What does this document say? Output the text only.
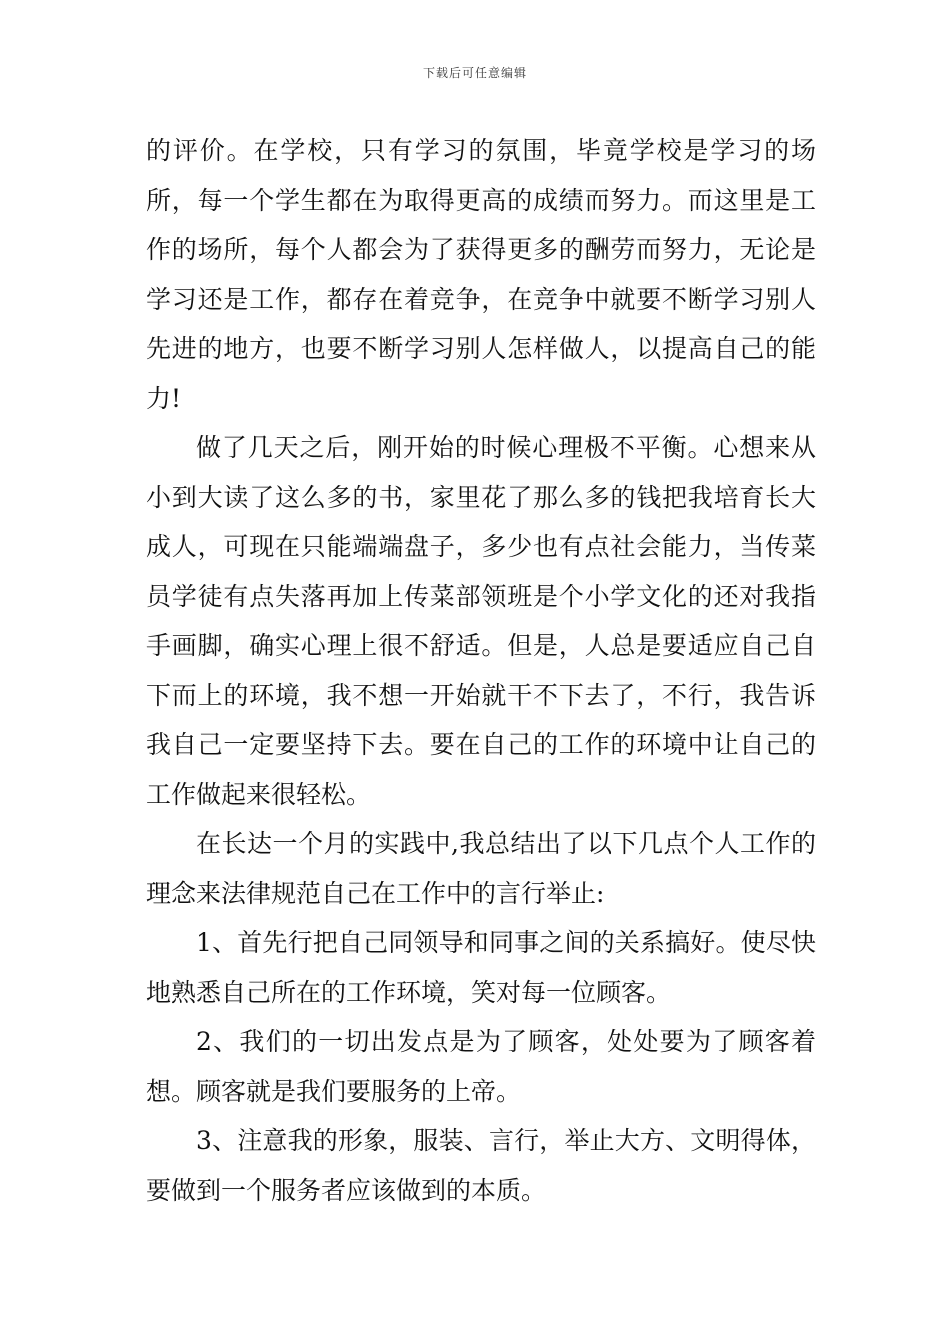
下载后可任意编辑

的评价。在学校，只有学习的氛围，毕竟学校是学习的场所，每一个学生都在为取得更高的成绩而努力。而这里是工作的场所，每个人都会为了获得更多的酬劳而努力，无论是学习还是工作，都存在着竞争，在竞争中就要不断学习别人先进的地方，也要不断学习别人怎样做人，以提高自己的能力!

做了几天之后，刚开始的时候心理极不平衡。心想来从小到大读了这么多的书，家里花了那么多的钱把我培育长大成人，可现在只能端端盘子，多少也有点社会能力，当传菜员学徒有点失落再加上传菜部领班是个小学文化的还对我指手画脚，确实心理上很不舒适。但是，人总是要适应自己自下而上的环境，我不想一开始就干不下去了，不行，我告诉我自己一定要坚持下去。要在自己的工作的环境中让自己的工作做起来很轻松。

在长达一个月的实践中,我总结出了以下几点个人工作的理念来法律规范自己在工作中的言行举止:

1、首先行把自己同领导和同事之间的关系搞好。使尽快地熟悉自己所在的工作环境，笑对每一位顾客。

2、我们的一切出发点是为了顾客，处处要为了顾客着想。顾客就是我们要服务的上帝。

3、注意我的形象，服装、言行，举止大方、文明得体，要做到一个服务者应该做到的本质。
